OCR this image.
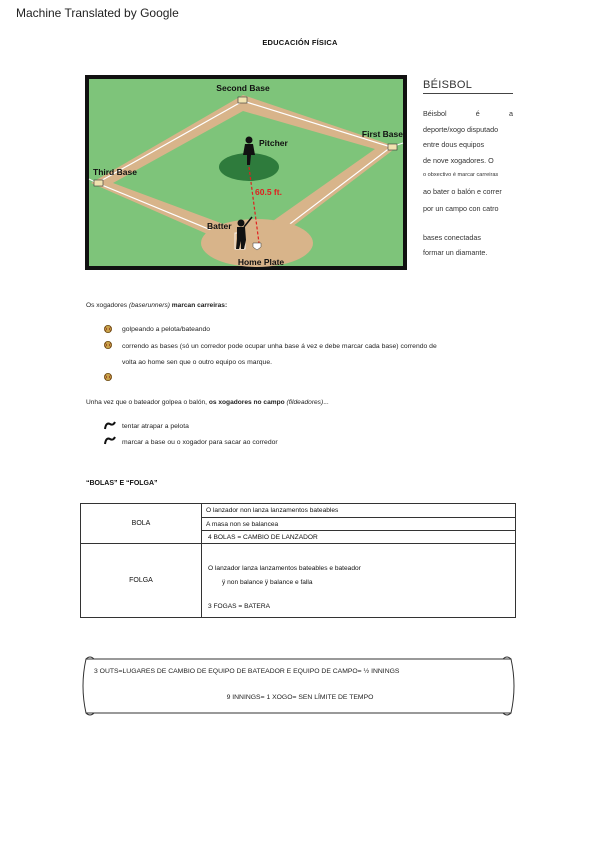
Machine Translated by Google
EDUCACIÓN FÍSICA
Second Base
First Base
Third Base
Pitcher
60.5 ft.
Batter
Home Plate
BÉISBOL
Béisbol	é	a
deporte/xogo disputado
entre dous equipos
de nove xogadores. O
o obxectivo é marcar carreiras
ao bater o balón e correr
por un campo con catro
bases conectadas
formar un diamante.
Os xogadores (baserunners) marcan carreiras:
golpeando a pelota/bateando
correndo as bases (só un corredor pode ocupar unha base á vez e debe marcar cada base) correndo de
volta ao home sen que o outro equipo os marque.
Unha vez que o bateador golpea o balón, os xogadores no campo (fildeadores)...
tentar atrapar a pelota
marcar a base ou o xogador para sacar ao corredor
“BOLAS” E “FOLGA”
BOLA	O lanzador non lanza lanzamentos bateables
	A masa non se balancea
	4 BOLAS = CAMBIO DE LANZADOR
FOLGA	O lanzador lanza lanzamentos bateables e bateador
ÿ non balance ÿ balance e falla
3 FOGAS = BATERA
3 OUTS=LUGARES DE CAMBIO DE EQUIPO DE BATEADOR E EQUIPO DE CAMPO= ½ INNINGS
9 INNINGS= 1 XOGO= SEN LÍMITE DE TEMPO
